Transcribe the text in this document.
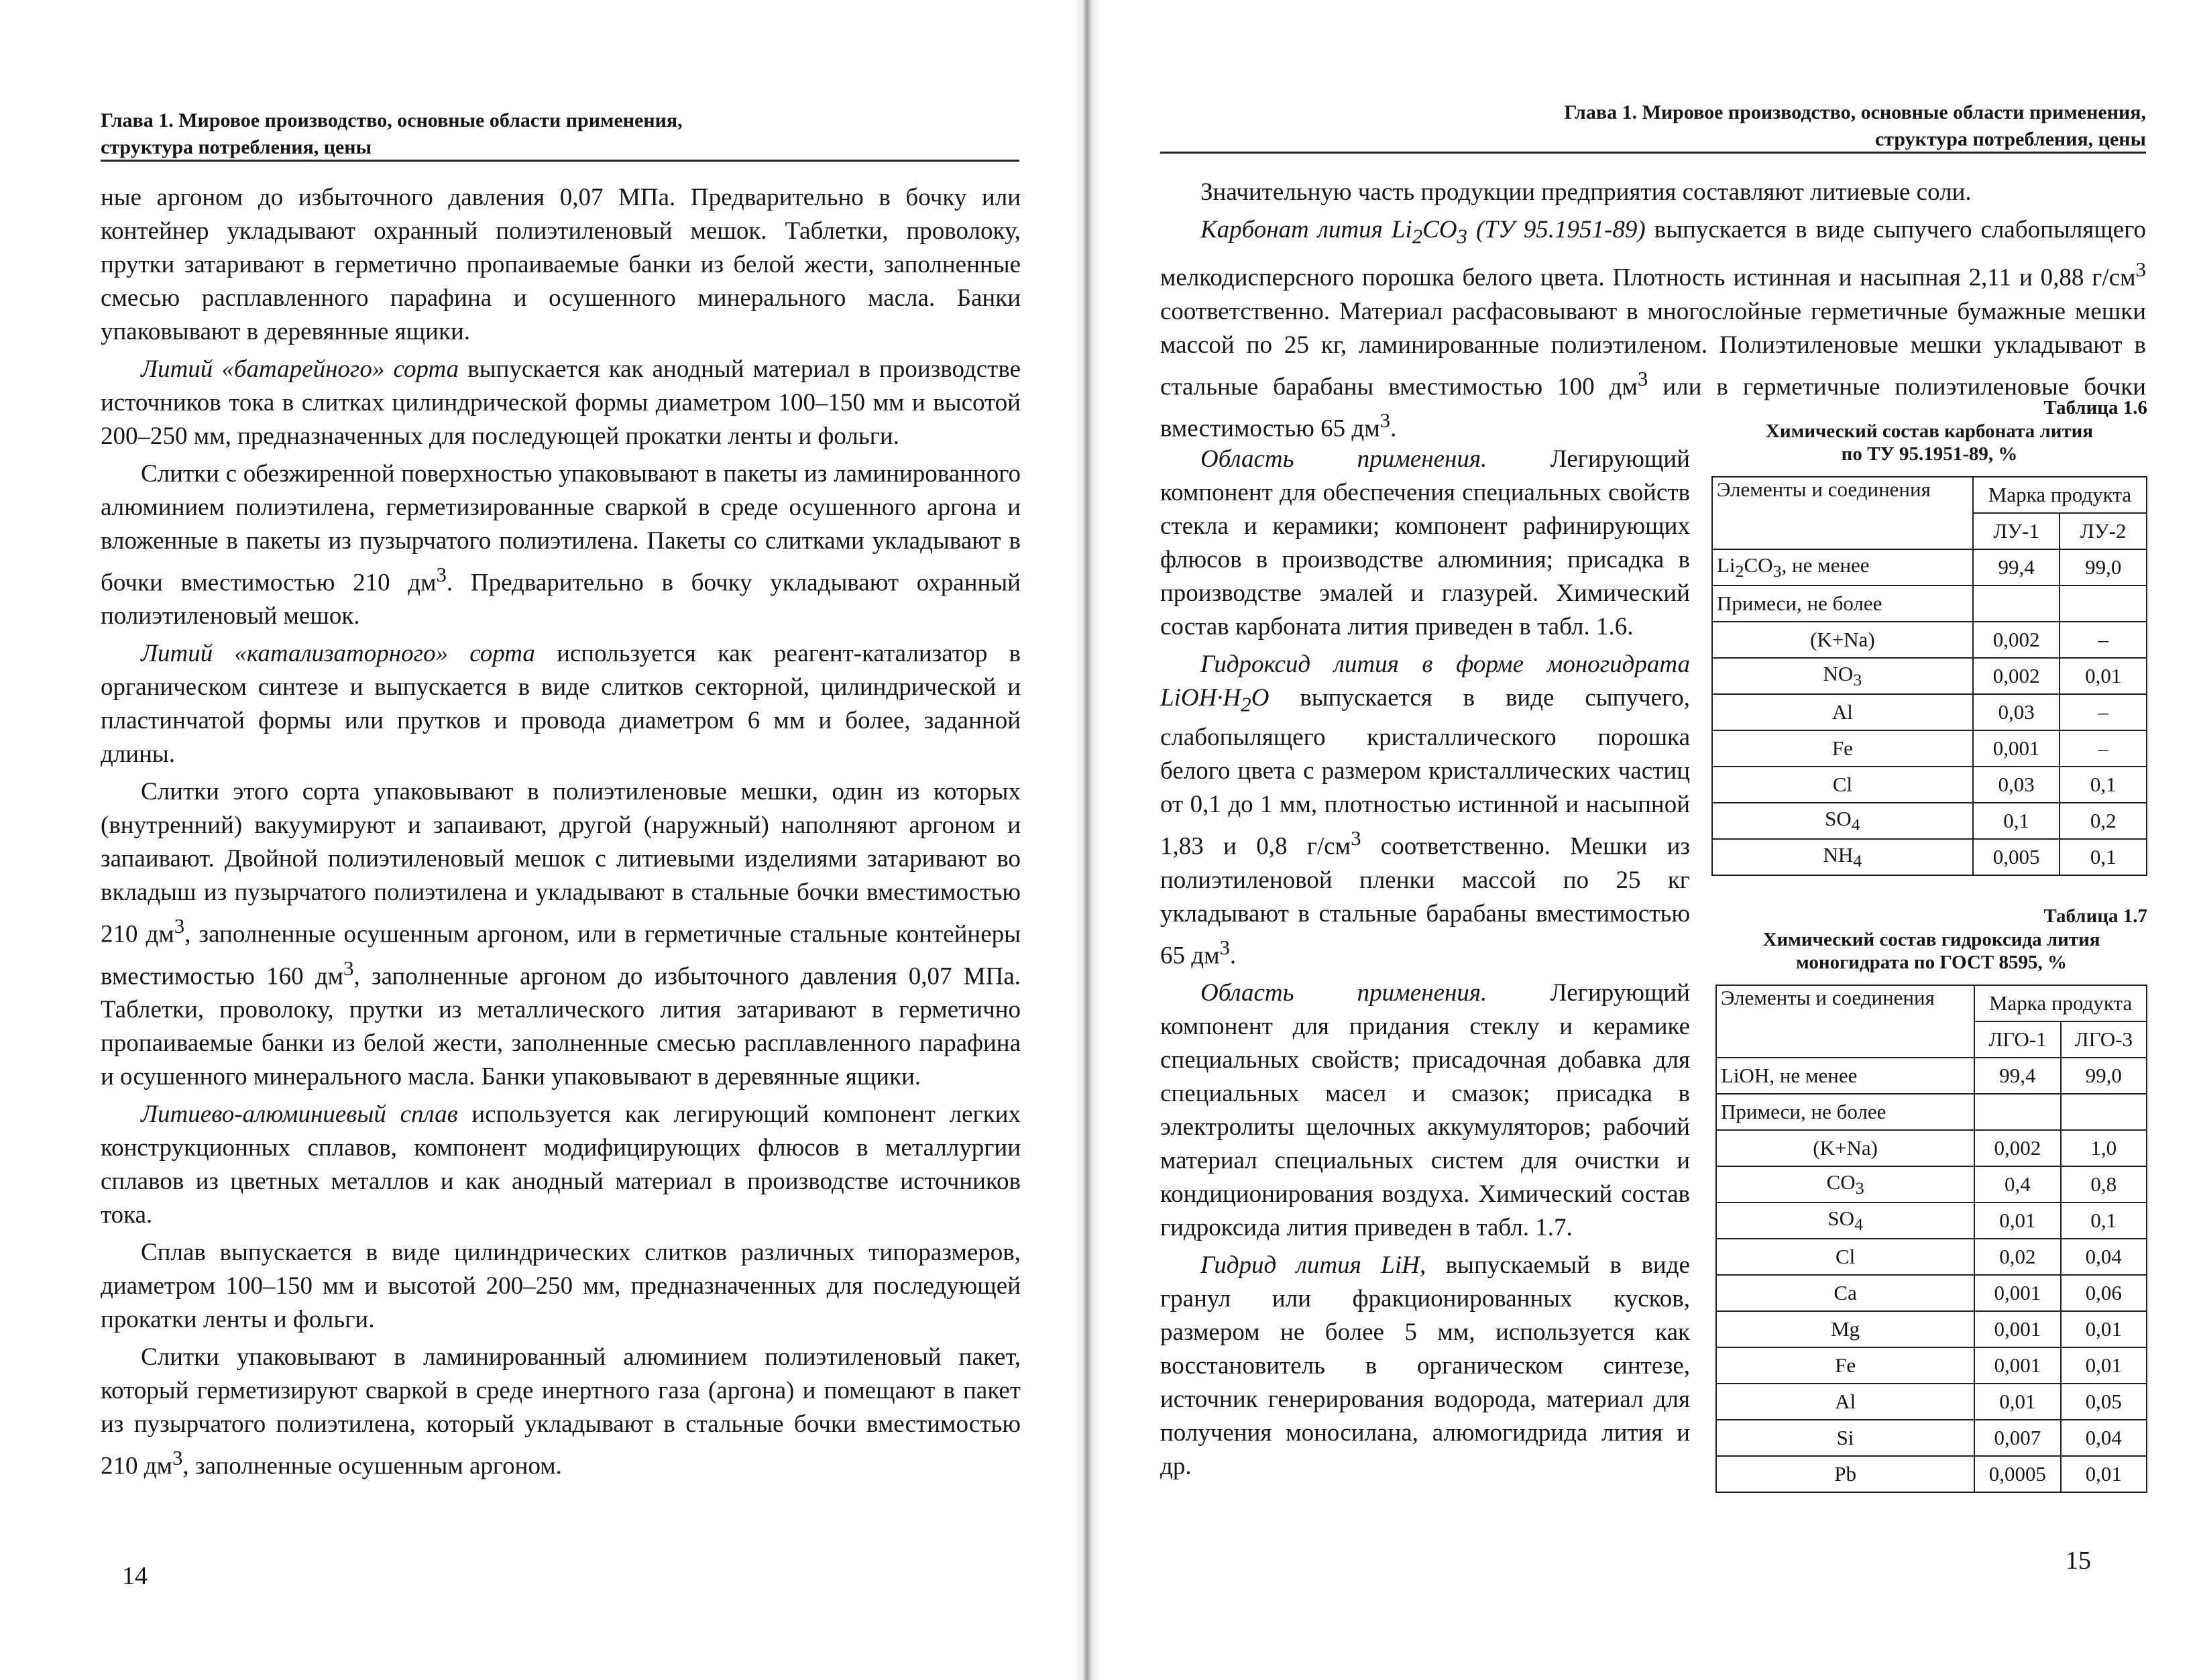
Глава 1. Мировое производство, основные области применения,
структура потребления, цены

ные аргоном до избыточного давления 0,07 МПа. Предварительно в бочку или контейнер укладывают охранный полиэтиленовый мешок. Таблетки, проволоку, прутки затаривают в герметично пропаиваемые банки из белой жести, заполненные смесью расплавленного парафина и осушенного минерального масла. Банки упаковывают в деревянные ящики.

Литий «батарейного» сорта выпускается как анодный материал в производстве источников тока в слитках цилиндрической формы диаметром 100–150 мм и высотой 200–250 мм, предназначенных для последующей прокатки ленты и фольги.

Слитки с обезжиренной поверхностью упаковывают в пакеты из ламинированного алюминием полиэтилена, герметизированные сваркой в среде осушенного аргона и вложенные в пакеты из пузырчатого полиэтилена. Пакеты со слитками укладывают в бочки вместимостью 210 $дм^3$. Предварительно в бочку укладывают охранный полиэтиленовый мешок.

Литий «катализаторного» сорта используется как реагент-катализатор в органическом синтезе и выпускается в виде слитков секторной, цилиндрической и пластинчатой формы или прутков и провода диаметром 6 мм и более, заданной длины.

Слитки этого сорта упаковывают в полиэтиленовые мешки, один из которых (внутренний) вакуумируют и запаивают, другой (наружный) наполняют аргоном и запаивают. Двойной полиэтиленовый мешок с литиевыми изделиями затаривают во вкладыш из пузырчатого полиэтилена и укладывают в стальные бочки вместимостью 210 $дм^3$, заполненные осушенным аргоном, или в герметичные стальные контейнеры вместимостью 160 $дм^3$, заполненные аргоном до избыточного давления 0,07 МПа. Таблетки, проволоку, прутки из металлического лития затаривают в герметично пропаиваемые банки из белой жести, заполненные смесью расплавленного парафина и осушенного минерального масла. Банки упаковывают в деревянные ящики.

Литиево-алюминиевый сплав используется как легирующий компонент легких конструкционных сплавов, компонент модифицирующих флюсов в металлургии сплавов из цветных металлов и как анодный материал в производстве источников тока.

Сплав выпускается в виде цилиндрических слитков различных типоразмеров, диаметром 100–150 мм и высотой 200–250 мм, предназначенных для последующей прокатки ленты и фольги.

Слитки упаковывают в ламинированный алюминием полиэтиленовый пакет, который герметизируют сваркой в среде инертного газа (аргона) и помещают в пакет из пузырчатого полиэтилена, который укладывают в стальные бочки вместимостью 210 $дм^3$, заполненные осушенным аргоном.

14
Глава 1. Мировое производство, основные области применения,
структура потребления, цены

Значительную часть продукции предприятия составляют литиевые соли.

Карбонат лития $Li_2CO_3$ (ТУ 95.1951-89) выпускается в виде сыпучего слабопылящего мелкодисперсного порошка белого цвета. Плотность истинная и насыпная 2,11 и 0,88 $г/см^3$ соответственно. Материал расфасовывают в многослойные герметичные бумажные мешки массой по 25 кг, ламинированные полиэтиленом. Полиэтиленовые мешки укладывают в стальные барабаны вместимостью 100 $дм^3$ или в герметичные полиэтиленовые бочки вместимостью 65 $дм^3$.

Область применения. Легирующий компонент для обеспечения специальных свойств стекла и керамики; компонент рафинирующих флюсов в производстве алюминия; присадка в производстве эмалей и глазурей. Химический состав карбоната лития приведен в табл. 1.6.

Гидроксид лития в форме моногидрата $LiOH\cdot H_2O$ выпускается в виде сыпучего, слабопылящего кристаллического порошка белого цвета с размером кристаллических частиц от 0,1 до 1 мм, плотностью истинной и насыпной 1,83 и 0,8 $г/см^3$ соответственно. Мешки из полиэтиленовой пленки массой по 25 кг укладывают в стальные барабаны вместимостью 65 $дм^3$.

Область применения. Легирующий компонент для придания стеклу и керамике специальных свойств; присадочная добавка для специальных масел и смазок; присадка в электролиты щелочных аккумуляторов; рабочий материал специальных систем для очистки и кондиционирования воздуха. Химический состав гидроксида лития приведен в табл. 1.7.

Гидрид лития LiH, выпускаемый в виде гранул или фракционированных кусков, размером не более 5 мм, используется как восстановитель в органическом синтезе, источник генерирования водорода, материал для получения моносилана, алюмогидрида лития и др.

Таблица 1.6
Химический состав карбоната лития
по ТУ 95.1951-89, %
Элементы и соединения	Марка продукта	
	ЛУ-1	ЛУ-2
$Li_2CO_3$, не менее	99,4	99,0
Примеси, не более		
(K+Na)	0,002	–
$NO_3$	0,002	0,01
Al	0,03	–
Fe	0,001	–
Cl	0,03	0,1
$SO_4$	0,1	0,2
$NH_4$	0,005	0,1
Таблица 1.7
Химический состав гидроксида лития
моногидрата по ГОСТ 8595, %
Элементы и соединения	Марка продукта	
	ЛГО-1	ЛГО-3
LiOH, не менее	99,4	99,0
Примеси, не более		
(K+Na)	0,002	1,0
$CO_3$	0,4	0,8
$SO_4$	0,01	0,1
Cl	0,02	0,04
Ca	0,001	0,06
Mg	0,001	0,01
Fe	0,001	0,01
Al	0,01	0,05
Si	0,007	0,04
Pb	0,0005	0,01
15
